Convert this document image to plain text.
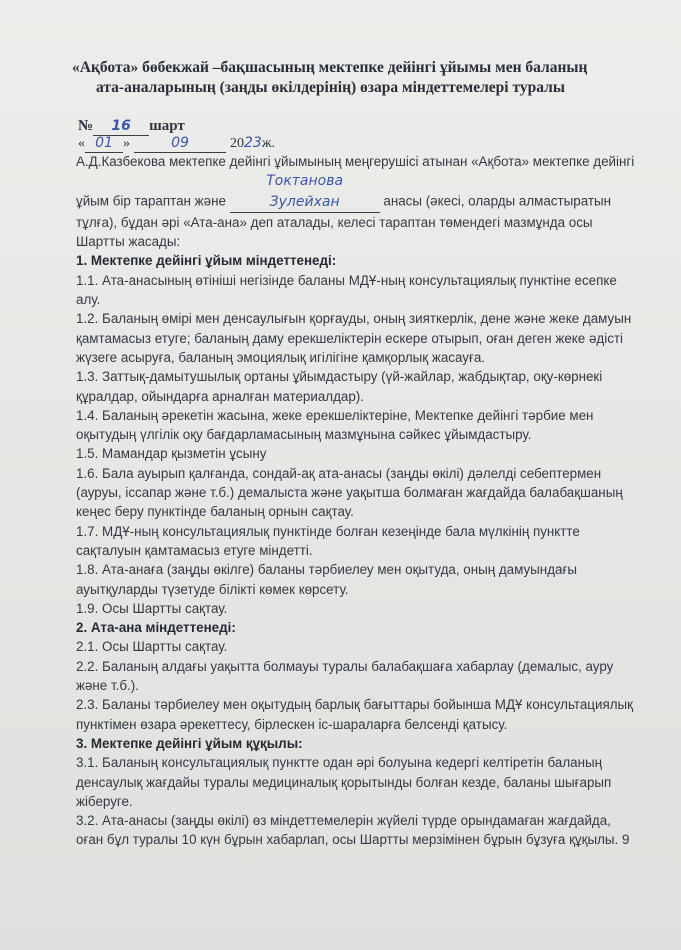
«Ақбота» бөбекжай –бақшасының мектепке дейінгі ұйымы мен баланың
ата-аналарының (заңды өкілдерінің) өзара міндеттемелері туралы
№ 16 шарт
« 01 »	09	2023ж.

А.Д.Казбекова мектепке дейінгі ұйымының меңгерушісі атынан «Ақбота» мектепке дейінгі ұйым бір тараптан және Токтанова Зулейхан	анасы (әкесі, оларды алмастыратын тұлға), бұдан әрі «Ата-ана» деп аталады, келесі тараптан төмендегі мазмұнда осы Шартты жасады:

1. Мектепке дейінгі ұйым міндеттенеді:

1.1. Ата-анасының өтініші негізінде баланы МДҰ-ның консультациялық пунктіне есепке алу.

1.2. Баланың өмірі мен денсаулығын қорғауды, оның зияткерлік, дене және жеке дамуын қамтамасыз етуге; баланың даму ерекшеліктерін ескере отырып, оған деген жеке әдісті жүзеге асыруға, баланың эмоциялық игілігіне қамқорлық жасауға.

1.3. Заттық-дамытушылық ортаны ұйымдастыру (үй-жайлар, жабдықтар, оқу-көрнекі құралдар, ойындарға арналған материалдар).

1.4. Баланың әрекетін жасына, жеке ерекшеліктеріне, Мектепке дейінгі тәрбие мен оқытудың үлгілік оқу бағдарламасының мазмұнына сәйкес ұйымдастыру.

1.5. Мамандар қызметін ұсыну

1.6. Бала ауырып қалғанда, сондай-ақ ата-анасы (заңды өкілі) дәлелді себептермен (ауруы, іссапар және т.б.) демалыста және уақытша болмаған жағдайда балабақшаның кеңес беру пунктінде баланың орнын сақтау.

1.7. МДҰ-ның консультациялық пунктінде болған кезеңінде бала мүлкінің пунктте сақталуын қамтамасыз етуге міндетті.

1.8. Ата-анаға (заңды өкілге) баланы тәрбиелеу мен оқытуда, оның дамуындағы ауытқуларды түзетуде білікті көмек көрсету.

1.9. Осы Шартты сақтау.

2. Ата-ана міндеттенеді:

2.1. Осы Шартты сақтау.

2.2. Баланың алдағы уақытта болмауы туралы балабақшаға хабарлау (демалыс, ауру және т.б.).

2.3. Баланы тәрбиелеу мен оқытудың барлық бағыттары бойынша МДҰ консультациялық пунктімен өзара әрекеттесу, бірлескен іс-шараларға белсенді қатысу.

3. Мектепке дейінгі ұйым құқылы:

3.1. Баланың консультациялық пунктте одан әрі болуына кедергі келтіретін баланың денсаулық жағдайы туралы медициналық қорытынды болған кезде, баланы шығарып жіберуге.

3.2. Ата-анасы (заңды өкілі) өз міндеттемелерін жүйелі түрде орындамаған жағдайда, оған бұл туралы 10 күн бұрын хабарлап, осы Шартты мерзімінен бұрын бұзуға құқылы. 9
